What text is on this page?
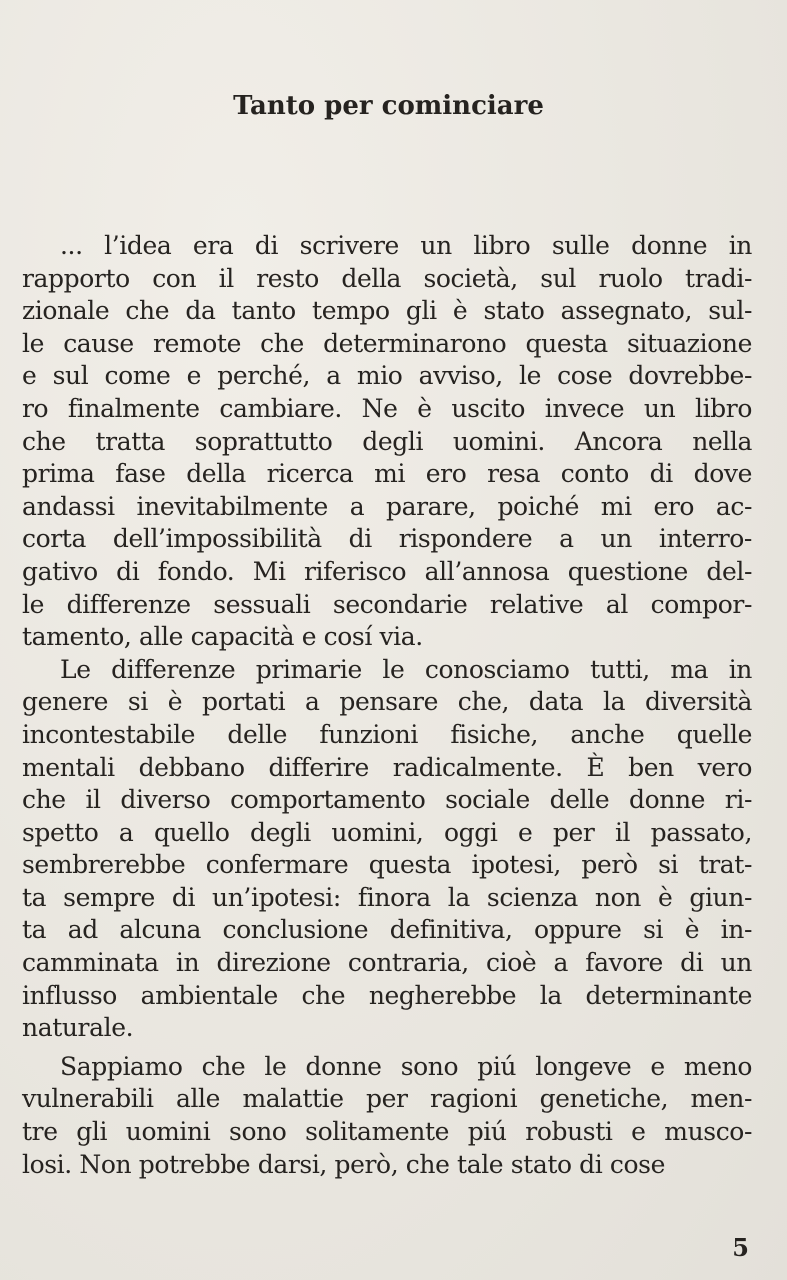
Tanto per cominciare
... l’idea era di scrivere un libro sulle donne in
rapporto con il resto della società, sul ruolo tradi-
zionale che da tanto tempo gli è stato assegnato, sul-
le cause remote che determinarono questa situazione
e sul come e perché, a mio avviso, le cose dovrebbe-
ro finalmente cambiare. Ne è uscito invece un libro
che tratta soprattutto degli uomini. Ancora nella
prima fase della ricerca mi ero resa conto di dove
andassi inevitabilmente a parare, poiché mi ero ac-
corta dell’impossibilità di rispondere a un interro-
gativo di fondo. Mi riferisco all’annosa questione del-
le differenze sessuali secondarie relative al compor-
tamento, alle capacità e cosí via.
Le differenze primarie le conosciamo tutti, ma in
genere si è portati a pensare che, data la diversità
incontestabile delle funzioni fisiche, anche quelle
mentali debbano differire radicalmente. È ben vero
che il diverso comportamento sociale delle donne ri-
spetto a quello degli uomini, oggi e per il passato,
sembrerebbe confermare questa ipotesi, però si trat-
ta sempre di un’ipotesi: finora la scienza non è giun-
ta ad alcuna conclusione definitiva, oppure si è in-
camminata in direzione contraria, cioè a favore di un
influsso ambientale che negherebbe la determinante
naturale.
Sappiamo che le donne sono piú longeve e meno
vulnerabili alle malattie per ragioni genetiche, men-
tre gli uomini sono solitamente piú robusti e musco-
losi. Non potrebbe darsi, però, che tale stato di cose
5
